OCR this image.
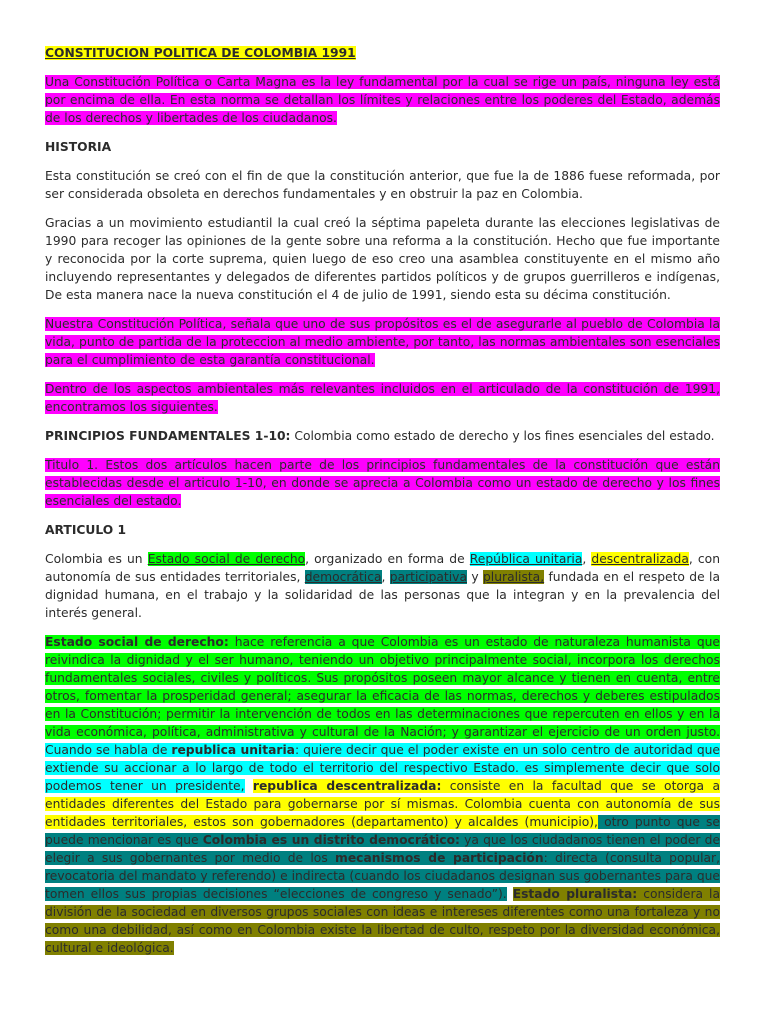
CONSTITUCION POLITICA DE COLOMBIA 1991

Una Constitución Política o Carta Magna es la ley fundamental por la cual se rige un país, ninguna ley está por encima de ella. En esta norma se detallan los límites y relaciones entre los poderes del Estado, además de los derechos y libertades de los ciudadanos.

HISTORIA

Esta constitución se creó con el fin de que la constitución anterior, que fue la de 1886 fuese reformada, por ser considerada obsoleta en derechos fundamentales y en obstruir la paz en Colombia.

Gracias a un movimiento estudiantil la cual creó la séptima papeleta durante las elecciones legislativas de 1990 para recoger las opiniones de la gente sobre una reforma a la constitución. Hecho que fue importante y reconocida por la corte suprema, quien luego de eso creo una asamblea constituyente en el mismo año incluyendo representantes y delegados de diferentes partidos políticos y de grupos guerrilleros e indígenas, De esta manera nace la nueva constitución el 4 de julio de 1991, siendo esta su décima constitución.

Nuestra Constitución Política, señala que uno de sus propósitos es el de asegurarle al pueblo de Colombia la vida, punto de partida de la proteccion al medio ambiente, por tanto, las normas ambientales son esenciales para el cumplimiento de esta garantía constitucional.

Dentro de los aspectos ambientales más relevantes incluidos en el articulado de la constitución de 1991, encontramos los siguientes.

PRINCIPIOS FUNDAMENTALES 1-10: Colombia como estado de derecho y los fines esenciales del estado.

Titulo 1. Estos dos artículos hacen parte de los principios fundamentales de la constitución que están establecidas desde el articulo 1-10, en donde se aprecia a Colombia como un estado de derecho y los fines esenciales del estado.

ARTICULO 1

Colombia es un Estado social de derecho, organizado en forma de República unitaria, descentralizada, con autonomía de sus entidades territoriales, democrática, participativa y pluralista, fundada en el respeto de la dignidad humana, en el trabajo y la solidaridad de las personas que la integran y en la prevalencia del interés general.

Estado social de derecho: hace referencia a que Colombia es un estado de naturaleza humanista que reivindica la dignidad y el ser humano, teniendo un objetivo principalmente social, incorpora los derechos fundamentales sociales, civiles y políticos. Sus propósitos poseen mayor alcance y tienen en cuenta, entre otros, fomentar la prosperidad general; asegurar la eficacia de las normas, derechos y deberes estipulados en la Constitución; permitir la intervención de todos en las determinaciones que repercuten en ellos y en la vida económica, política, administrativa y cultural de la Nación; y garantizar el ejercicio de un orden justo. Cuando se habla de republica unitaria: quiere decir que el poder existe en un solo centro de autoridad que extiende su accionar a lo largo de todo el territorio del respectivo Estado. es simplemente decir que solo podemos tener un presidente, republica descentralizada: consiste en la facultad que se otorga a entidades diferentes del Estado para gobernarse por sí mismas. Colombia cuenta con autonomía de sus entidades territoriales, estos son gobernadores (departamento) y alcaldes (municipio), otro punto que se puede mencionar es que Colombia es un distrito democrático: ya que los ciudadanos tienen el poder de elegir a sus gobernantes por medio de los mecanismos de participación: directa (consulta popular, revocatoria del mandato y referendo) e indirecta (cuando los ciudadanos designan sus gobernantes para que tomen ellos sus propias decisiones “elecciones de congreso y senado”). Estado pluralista: considera la división de la sociedad en diversos grupos sociales con ideas e intereses diferentes como una fortaleza y no como una debilidad, así como en Colombia existe la libertad de culto, respeto por la diversidad económica, cultural e ideológica.
